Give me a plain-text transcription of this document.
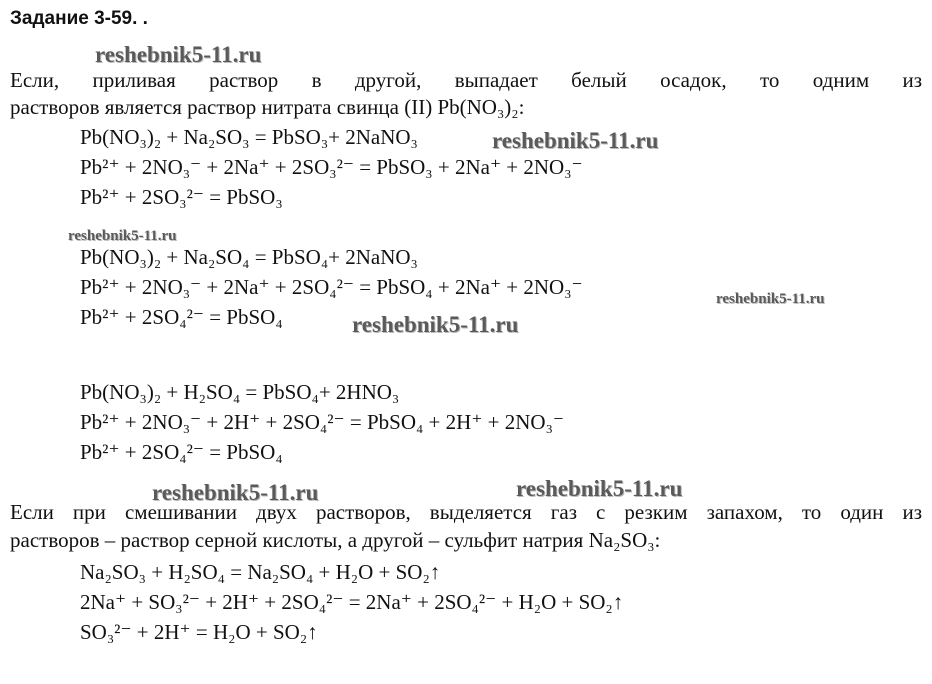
Задание 3-59. .
Если, приливая раствор в другой, выпадает белый осадок, то одним из
растворов является раствор нитрата свинца (II) Pb(NO₃)₂:
Pb(NO₃)₂ + Na₂SO₃ = PbSO₃+ 2NaNO₃
Pb²⁺ + 2NO₃⁻ + 2Na⁺ + 2SO₃²⁻ = PbSO₃ + 2Na⁺ + 2NO₃⁻
Pb²⁺ + 2SO₃²⁻ = PbSO₃
Pb(NO₃)₂ + Na₂SO₄ = PbSO₄+ 2NaNO₃
Pb²⁺ + 2NO₃⁻ + 2Na⁺ + 2SO₄²⁻ = PbSO₄ + 2Na⁺ + 2NO₃⁻
Pb²⁺ + 2SO₄²⁻ = PbSO₄
Pb(NO₃)₂ + H₂SO₄ = PbSO₄+ 2HNO₃
Pb²⁺ + 2NO₃⁻ + 2H⁺ + 2SO₄²⁻ = PbSO₄ + 2H⁺ + 2NO₃⁻
Pb²⁺ + 2SO₄²⁻ = PbSO₄
Если при смешивании двух растворов, выделяется газ с резким запахом, то один из
растворов – раствор серной кислоты, а другой – сульфит натрия Na₂SO₃:
Na₂SO₃ + H₂SO₄ = Na₂SO₄ + H₂O + SO₂↑
2Na⁺ + SO₃²⁻ + 2H⁺ + 2SO₄²⁻ = 2Na⁺ + 2SO₄²⁻ + H₂O + SO₂↑
SO₃²⁻ + 2H⁺ = H₂O + SO₂↑
reshebnik5-11.ru
reshebnik5-11.ru
reshebnik5-11.ru
reshebnik5-11.ru
reshebnik5-11.ru
reshebnik5-11.ru	reshebnik5-11.ru
